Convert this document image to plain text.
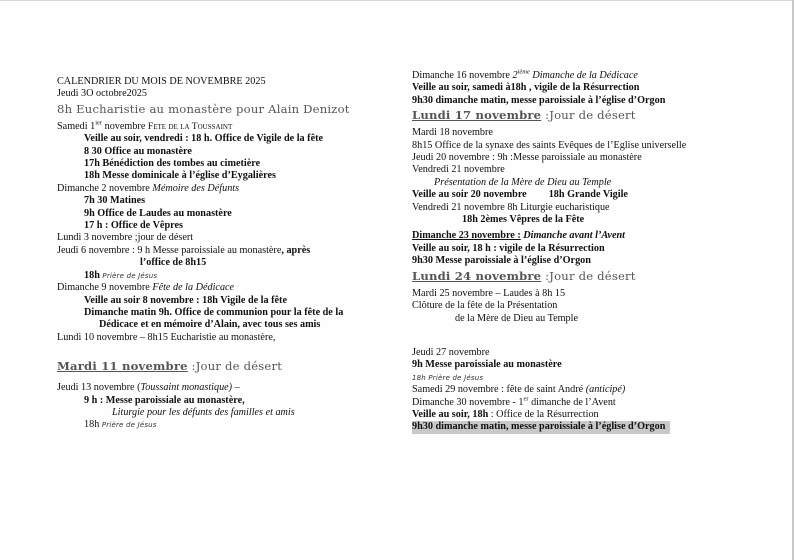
CALENDRIER DU MOIS DE NOVEMBRE 2025
Jeudi 3O octobre2025
8h Eucharistie au monastère pour Alain Denizot
Samedi $1^{ier}$ novembre Fete de la Toussaint
Veille au soir, vendredi : 18 h. Office de Vigile de la fête
8 30 Office au monastère
17h Bénédiction des tombes au cimetière
18h Messe dominicale à l’église d’Eygalières
Dimanche 2 novembre Mémoire des Défunts
7h 30 Matines
9h Office de Laudes au monastère
17 h : Office de Vêpres
Lundi 3 novembre ;jour de désert
Jeudi 6 novembre : 9 h Messe paroissiale au monastère, après
l’office de 8h15
18h Prière de Jésus
Dimanche 9 novembre Fête de la Dédicace
Veille au soir 8 novembre : 18h Vigile de la fête
Dimanche matin 9h. Office de communion pour la fête de la
Dédicace et en mémoire d’Alain, avec tous ses amis
Lundi 10 novembre – 8h15 Eucharistie au monastère,
Mardi 11 novembre :Jour de désert
Jeudi 13 novembre (Toussaint monastique) –
9 h : Messe paroissiale au monastère,
Liturgie pour les défunts des familles et amis
18h Prière de Jésus
Dimanche 16 novembre 2ième Dimanche de la Dédicace
Veille au soir, samedi à18h , vigile de la Résurrection
9h30 dimanche matin, messe paroissiale à l’église d’Orgon
Lundi 17 novembre :Jour de désert
Mardi 18 novembre
8h15 Office de la synaxe des saints Evêques de l’Eglise universelle
Jeudi 20 novembre : 9h :Messe paroissiale au monastère
Vendredi 21 novembre
Présentation de la Mère de Dieu au Temple
Veille au soir 20 novembre 18h Grande Vigile
Vendredi 21 novembre 8h Liturgie eucharistique
18h 2èmes Vêpres de la Fête
Dimanche 23 novembre : Dimanche avant l’Avent
Veille au soir, 18 h : vigile de la Résurrection
9h30 Messe paroissiale à l’église d’Orgon
Lundi 24 novembre :Jour de désert
Mardi 25 novembre – Laudes à 8h 15
Clôture de la fête de la Présentation
de la Mère de Dieu au Temple
Jeudi 27 novembre
9h Messe paroissiale au monastère
18h Prière de Jésus
Samedi 29 novembre : fête de saint André (anticipé)
Dimanche 30 novembre - 1er dimanche de l’Avent
Veille au soir, 18h : Office de la Résurrection
9h30 dimanche matin, messe paroissiale à l’église d’Orgon
